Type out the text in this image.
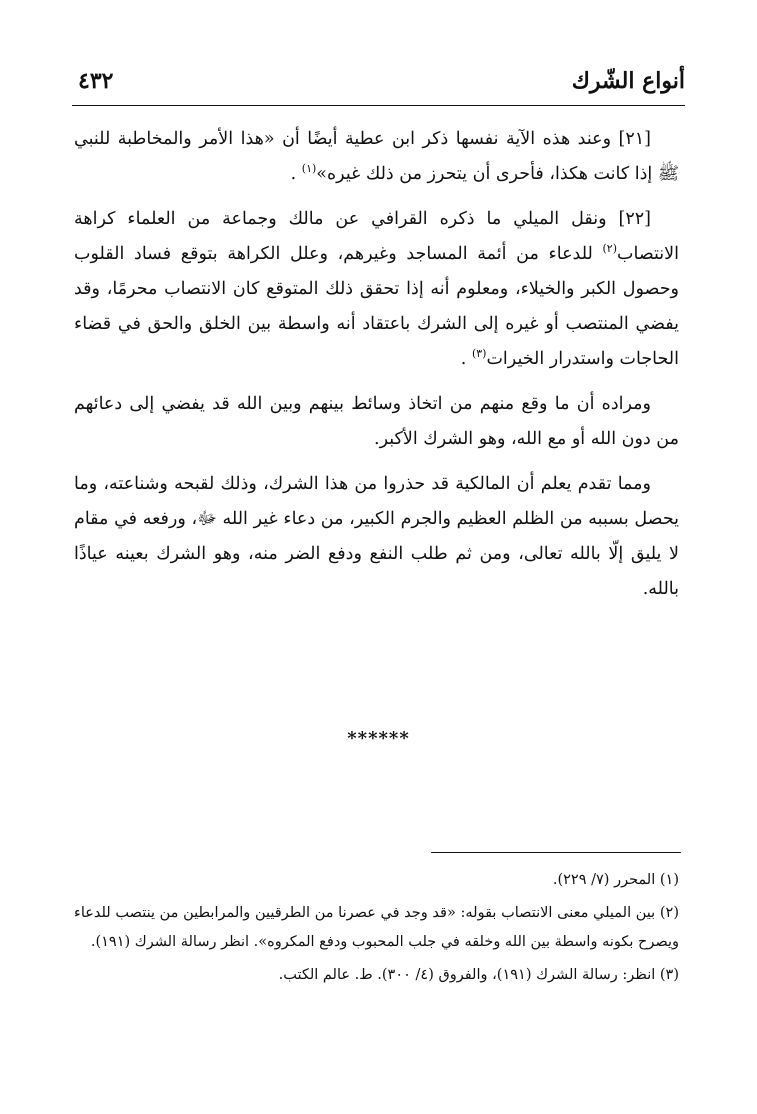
أنواع الشّرك
٤٣٢

[٢١] وعند هذه الآية نفسها ذكر ابن عطية أيضًا أن «هذا الأمر والمخاطبة للنبي ﷺ إذا كانت هكذا، فأحرى أن يتحرز من ذلك غيره»$^{(١)}$ .

[٢٢] ونقل الميلي ما ذكره القرافي عن مالك وجماعة من العلماء كراهة الانتصاب$^{(٢)}$ للدعاء من أئمة المساجد وغيرهم، وعلل الكراهة بتوقع فساد القلوب وحصول الكبر والخيلاء، ومعلوم أنه إذا تحقق ذلك المتوقع كان الانتصاب محرمًا، وقد يفضي المنتصب أو غيره إلى الشرك باعتقاد أنه واسطة بين الخلق والحق في قضاء الحاجات واستدرار الخيرات$^{(٣)}$ .

ومراده أن ما وقع منهم من اتخاذ وسائط بينهم وبين الله قد يفضي إلى دعائهم من دون الله أو مع الله، وهو الشرك الأكبر.

ومما تقدم يعلم أن المالكية قد حذروا من هذا الشرك، وذلك لقبحه وشناعته، وما يحصل بسببه من الظلم العظيم والجرم الكبير، من دعاء غير الله ﷻ، ورفعه في مقام لا يليق إلّا بالله تعالى، ومن ثم طلب النفع ودفع الضر منه، وهو الشرك بعينه عياذًا بالله.

******

(١) المحرر (٧/ ٢٢٩).

(٢) بين الميلي معنى الانتصاب بقوله: «قد وجد في عصرنا من الطرقيين والمرابطين من ينتصب للدعاء ويصرح بكونه واسطة بين الله وخلقه في جلب المحبوب ودفع المكروه». انظر رسالة الشرك (١٩١).

(٣) انظر: رسالة الشرك (١٩١)، والفروق (٤/ ٣٠٠). ط. عالم الكتب.
